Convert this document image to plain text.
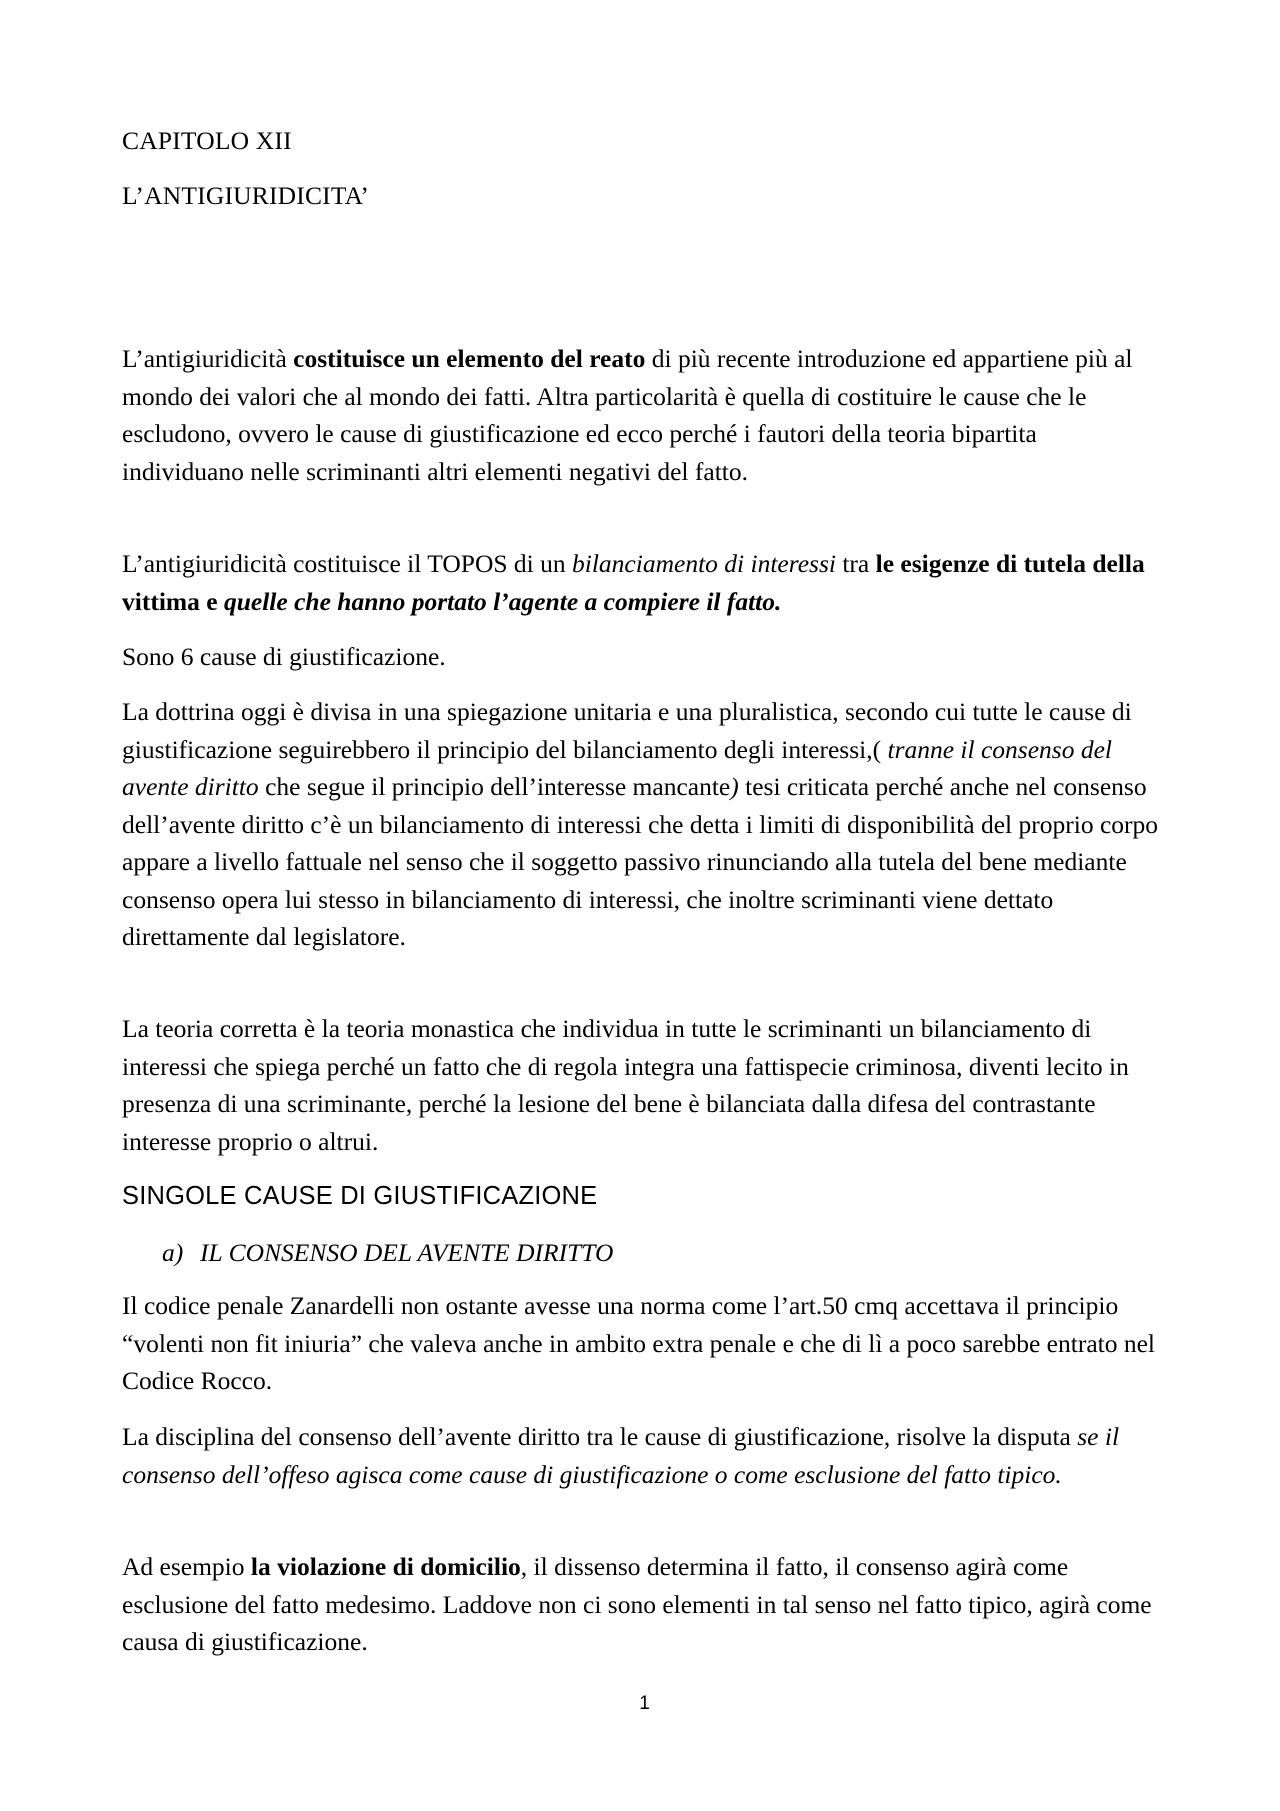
CAPITOLO XII
L’ANTIGIURIDICITA’

L’antigiuridicità costituisce un elemento del reato di più recente introduzione ed appartiene più al mondo dei valori che al mondo dei fatti. Altra particolarità è quella di costituire le cause che le escludono, ovvero le cause di giustificazione ed ecco perché i fautori della teoria bipartita individuano nelle scriminanti altri elementi negativi del fatto.

L’antigiuridicità costituisce il TOPOS di un bilanciamento di interessi tra le esigenze di tutela della vittima e quelle che hanno portato l’agente a compiere il fatto.

Sono 6 cause di giustificazione.

La dottrina oggi è divisa in una spiegazione unitaria e una pluralistica, secondo cui tutte le cause di giustificazione seguirebbero il principio del bilanciamento degli interessi,( tranne il consenso del avente diritto che segue il principio dell’interesse mancante) tesi criticata perché anche nel consenso dell’avente diritto c’è un bilanciamento di interessi che detta i limiti di disponibilità del proprio corpo appare a livello fattuale nel senso che il soggetto passivo rinunciando alla tutela del bene mediante consenso opera lui stesso in bilanciamento di interessi, che inoltre scriminanti viene dettato direttamente dal legislatore.

La teoria corretta è la teoria monastica che individua in tutte le scriminanti un bilanciamento di interessi che spiega perché un fatto che di regola integra una fattispecie criminosa, diventi lecito in presenza di una scriminante, perché la lesione del bene è bilanciata dalla difesa del contrastante interesse proprio o altrui.

SINGOLE CAUSE DI GIUSTIFICAZIONE

a) IL CONSENSO DEL AVENTE DIRITTO

Il codice penale Zanardelli non ostante avesse una norma come l’art.50 cmq accettava il principio “volenti non fit iniuria” che valeva anche in ambito extra penale e che di lì a poco sarebbe entrato nel Codice Rocco.

La disciplina del consenso dell’avente diritto tra le cause di giustificazione, risolve la disputa se il consenso dell’offeso agisca come cause di giustificazione o come esclusione del fatto tipico.

Ad esempio la violazione di domicilio, il dissenso determina il fatto, il consenso agirà come esclusione del fatto medesimo. Laddove non ci sono elementi in tal senso nel fatto tipico, agirà come causa di giustificazione.

1
